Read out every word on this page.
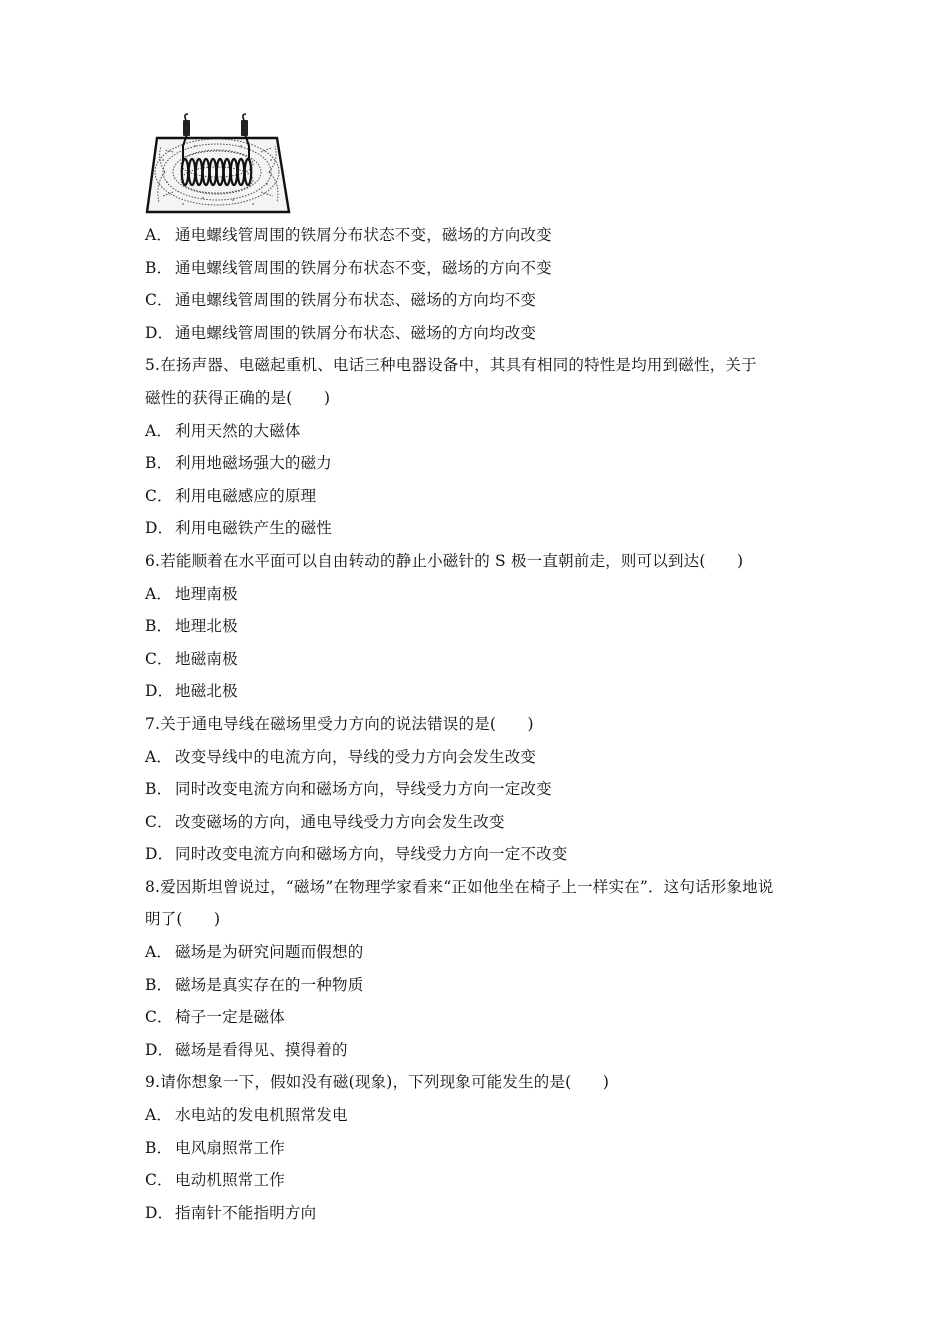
A． 通电螺线管周围的铁屑分布状态不变，磁场的方向改变
B． 通电螺线管周围的铁屑分布状态不变，磁场的方向不变
C． 通电螺线管周围的铁屑分布状态、磁场的方向均不变
D． 通电螺线管周围的铁屑分布状态、磁场的方向均改变
5.在扬声器、电磁起重机、电话三种电器设备中，其具有相同的特性是均用到磁性，关于
磁性的获得正确的是(　　)
A． 利用天然的大磁体
B． 利用地磁场强大的磁力
C． 利用电磁感应的原理
D． 利用电磁铁产生的磁性
6.若能顺着在水平面可以自由转动的静止小磁针的 S 极一直朝前走，则可以到达(　　)
A． 地理南极
B． 地理北极
C． 地磁南极
D． 地磁北极
7.关于通电导线在磁场里受力方向的说法错误的是(　　)
A． 改变导线中的电流方向，导线的受力方向会发生改变
B． 同时改变电流方向和磁场方向，导线受力方向一定改变
C． 改变磁场的方向，通电导线受力方向会发生改变
D． 同时改变电流方向和磁场方向，导线受力方向一定不改变
8.爱因斯坦曾说过，“磁场”在物理学家看来“正如他坐在椅子上一样实在”．这句话形象地说
明了(　　)
A． 磁场是为研究问题而假想的
B． 磁场是真实存在的一种物质
C． 椅子一定是磁体
D． 磁场是看得见、摸得着的
9.请你想象一下，假如没有磁(现象)，下列现象可能发生的是(　　)
A． 水电站的发电机照常发电
B． 电风扇照常工作
C． 电动机照常工作
D． 指南针不能指明方向
